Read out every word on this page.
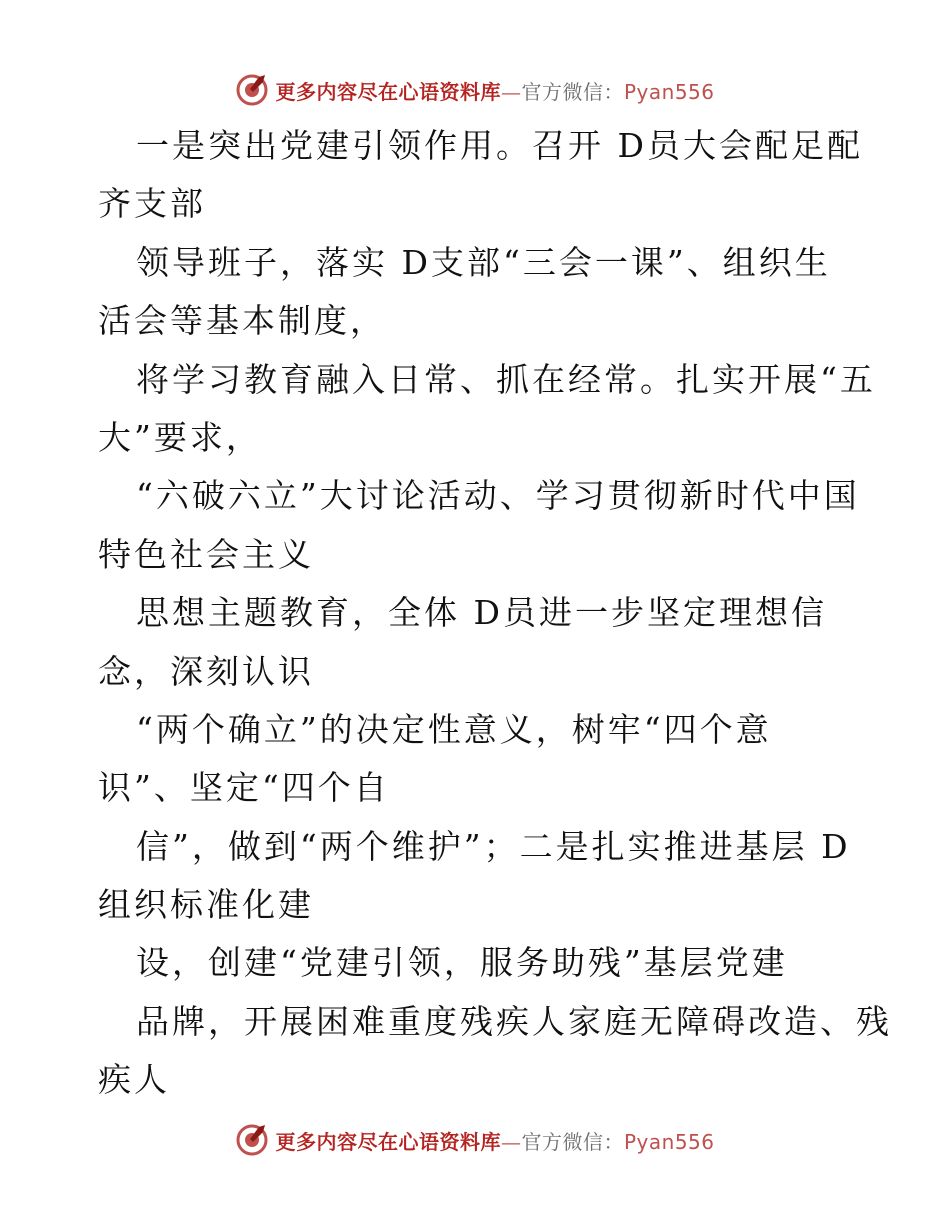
更多内容尽在心语资料库—官方微信：Pyan556
一是突出党建引领作用。召开 D员大会配足配
齐支部
领导班子，落实 D支部“三会一课”、组织生
活会等基本制度，
将学习教育融入日常、抓在经常。扎实开展“五
大”要求，
“六破六立”大讨论活动、学习贯彻新时代中国
特色社会主义
思想主题教育，全体 D员进一步坚定理想信
念，深刻认识
“两个确立”的决定性意义，树牢“四个意
识”、坚定“四个自
信”，做到“两个维护”；二是扎实推进基层 D
组织标准化建
设，创建“党建引领，服务助残”基层党建
品牌，开展困难重度残疾人家庭无障碍改造、残
疾人
更多内容尽在心语资料库—官方微信：Pyan556
